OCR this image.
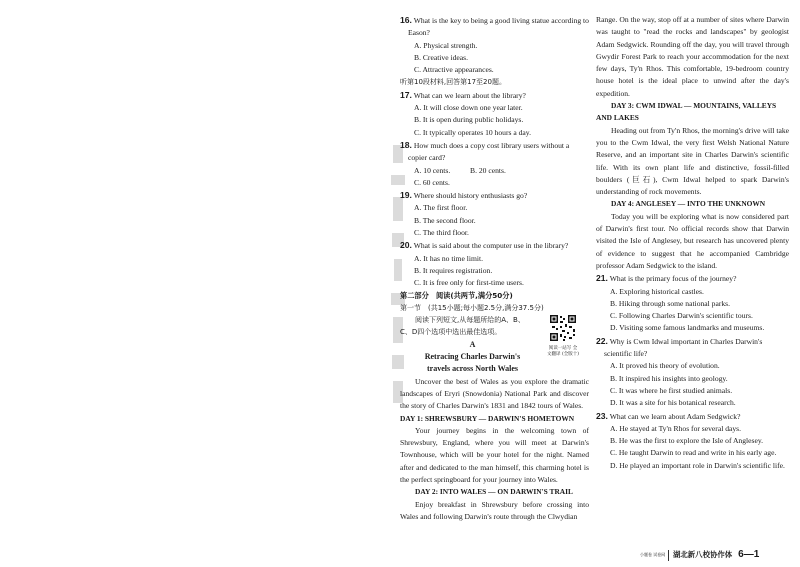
16. What is the key to being a good living statue according to Eason?

A. Physical strength.

B. Creative ideas.

C. Attractive appearances.

听第10段材料,回答第17至20题。

17. What can we learn about the library?

A. It will close down one year later.

B. It is open during public holidays.

C. It typically operates 10 hours a day.

18. How much does a copy cost library users without a copier card?

A. 10 cents.	B. 20 cents.

C. 60 cents.

19. Where should history enthusiasts go?

A. The first floor.

B. The second floor.

C. The third floor.

20. What is said about the computer use in the library?

A. It has no time limit.

B. It requires registration.

C. It is free only for first-time users.

第二部分　阅读(共两节,满分50分)

第一节　(共15小题;每小题2.5分,满分37.5分)

阅读下列短文,从每题所给的A、B、

C、D四个选项中选出最佳选项。

A

Retracing Charles Darwin's

travels across North Wales

阅读一站写 全文翻译 (全版十)

Uncover the best of Wales as you explore the dramatic landscapes of Eryri (Snowdonia) National Park and discover the story of Charles Darwin's 1831 and 1842 tours of Wales.

DAY 1: SHREWSBURY — DARWIN'S HOMETOWN

Your journey begins in the welcoming town of Shrewsbury, England, where you will meet at Darwin's Townhouse, which will be your hotel for the night. Named after and dedicated to the man himself, this charming hotel is the perfect springboard for your journey into Wales.

DAY 2: INTO WALES — ON DARWIN'S TRAIL

Enjoy breakfast in Shrewsbury before crossing into Wales and following Darwin's route through the Clwydian

Range. On the way, stop off at a number of sites where Darwin was taught to "read the rocks and landscapes" by geologist Adam Sedgwick. Rounding off the day, you will travel through Gwydir Forest Park to reach your accommodation for the next few days, Ty'n Rhos. This comfortable, 19-bedroom country house hotel is the ideal place to unwind after the day's expedition.

DAY 3: CWM IDWAL — MOUNTAINS, VALLEYS AND LAKES

Heading out from Ty'n Rhos, the morning's drive will take you to the Cwm Idwal, the very first Welsh National Nature Reserve, and an important site in Charles Darwin's scientific life. With its own plant life and distinctive, fossil-filled boulders (巨石), Cwm Idwal helped to spark Darwin's understanding of rock movements.

DAY 4: ANGLESEY — INTO THE UNKNOWN

Today you will be exploring what is now considered part of Darwin's first tour. No official records show that Darwin visited the Isle of Anglesey, but research has uncovered plenty of evidence to suggest that he accompanied Cambridge professor Adam Sedgwick to the island.

21. What is the primary focus of the journey?

A. Exploring historical castles.

B. Hiking through some national parks.

C. Following Charles Darwin's scientific tours.

D. Visiting some famous landmarks and museums.

22. Why is Cwm Idwal important in Charles Darwin's scientific life?

A. It proved his theory of evolution.

B. It inspired his insights into geology.

C. It was where he first studied animals.

D. It was a site for his botanical research.

23. What can we learn about Adam Sedgwick?

A. He stayed at Ty'n Rhos for several days.

B. He was the first to explore the Isle of Anglesey.

C. He taught Darwin to read and write in his early age.

D. He played an important role in Darwin's scientific life.

小题卷 试卷网	湖北新八校协作体 6—1
